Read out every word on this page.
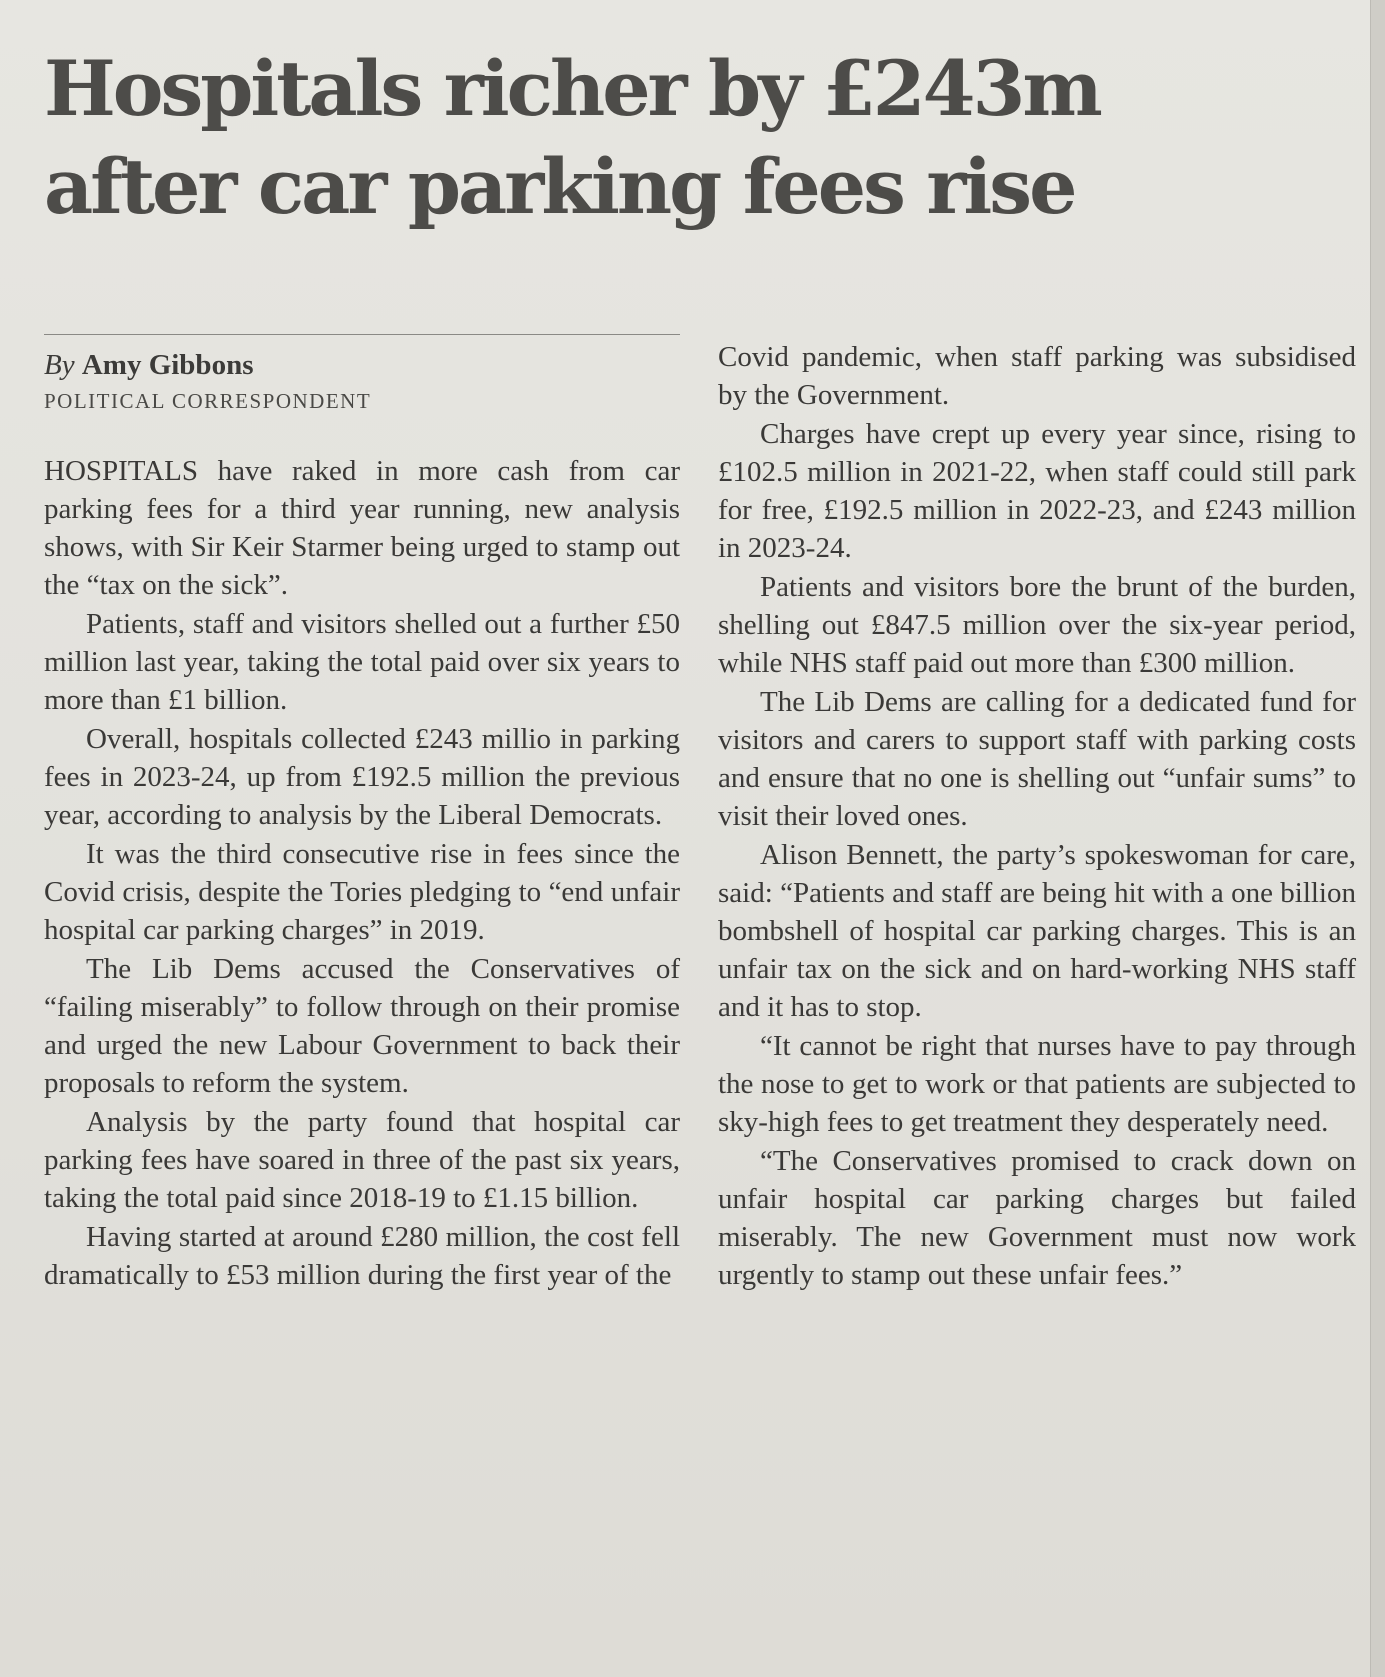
Hospitals richer by £243m
after car parking fees rise
By Amy Gibbons
POLITICAL CORRESPONDENT

HOSPITALS have raked in more cash from car parking fees for a third year running, new analysis shows, with Sir Keir Starmer being urged to stamp out the “tax on the sick”.

Patients, staff and visitors shelled out a further £50 million last year, taking the total paid over six years to more than £1 billion.

Overall, hospitals collected £243 millio in parking fees in 2023-24, up from £192.5 million the previous year, according to analysis by the Liberal Democrats.

It was the third consecutive rise in fees since the Covid crisis, despite the Tories pledging to “end unfair hospital car parking charges” in 2019.

The Lib Dems accused the Conservatives of “failing miserably” to follow through on their promise and urged the new Labour Government to back their proposals to reform the system.

Analysis by the party found that hospital car parking fees have soared in three of the past six years, taking the total paid since 2018-19 to £1.15 billion.

Having started at around £280 million, the cost fell dramatically to £53 million during the first year of the

Covid pandemic, when staff parking was subsidised by the Government.

Charges have crept up every year since, rising to £102.5 million in 2021-22, when staff could still park for free, £192.5 million in 2022-23, and £243 million in 2023-24.

Patients and visitors bore the brunt of the burden, shelling out £847.5 million over the six-year period, while NHS staff paid out more than £300 million.

The Lib Dems are calling for a dedicated fund for visitors and carers to support staff with parking costs and ensure that no one is shelling out “unfair sums” to visit their loved ones.

Alison Bennett, the party’s spokeswoman for care, said: “Patients and staff are being hit with a one billion bombshell of hospital car parking charges. This is an unfair tax on the sick and on hard-working NHS staff and it has to stop.

“It cannot be right that nurses have to pay through the nose to get to work or that patients are subjected to sky-high fees to get treatment they desperately need.

“The Conservatives promised to crack down on unfair hospital car parking charges but failed miserably. The new Government must now work urgently to stamp out these unfair fees.”
